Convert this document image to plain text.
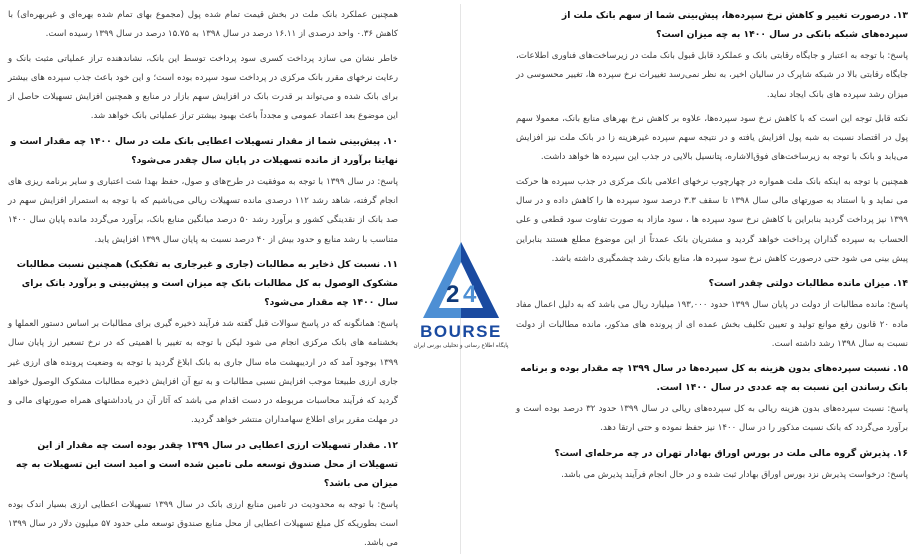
۱۳. درصورت تغییر و کاهش نرخ سپرده‌ها، پیش‌بینی شما از سهم بانک ملت از سپرده‌های شبکه بانکی در سال ۱۴۰۰ به چه میزان است؟

پاسخ: با توجه به اعتبار و جایگاه رقابتی بانک و عملکرد قابل قبول بانک ملت در زیرساخت‌های فناوری اطلاعات، جایگاه رقابتی بالا در شبکه شاپرک در سالیان اخیر، به نظر نمی‌رسد تغییرات نرخ سپرده ها، تغییر محسوسی در میزان رشد سپرده های بانک ایجاد نماید.

نکته قابل توجه این است که با کاهش نرخ سود سپرده‌ها، علاوه بر کاهش نرخ بهرهای منابع بانک، معمولا سهم پول در اقتصاد نسبت به شبه پول افزایش یافته و در نتیجه سهم سپرده غیرهزینه زا در بانک ملت نیز افزایش می‌یابد و بانک با توجه به زیرساخت‌های فوق‌الاشاره، پتانسیل بالایی در جذب این سپرده ها خواهد داشت.

همچنین با توجه به اینکه بانک ملت همواره در چهارچوب نرخهای اعلامی بانک مرکزی در جذب سپرده ها حرکت می نماید و با استناد به صورتهای مالی سال ۱۳۹۸ تا سقف ۳.۳ درصد سود سپرده ها را کاهش داده و در سال ۱۳۹۹ نیز پرداخت گردید بنابراین با کاهش نرخ سود سپرده ها ، سود مازاد به صورت تفاوت سود قطعی و علی الحساب به سپرده گذاران پرداخت خواهد گردید و مشتریان بانک عمدتاً از این موضوع مطلع هستند بنابراین پیش بینی می شود حتی درصورت کاهش نرخ سود سپرده ها، منابع بانک رشد چشمگیری داشته باشد.

۱۴. میزان مانده مطالبات دولتی چقدر است؟

پاسخ: مانده مطالبات از دولت در پایان سال ۱۳۹۹ حدود ۱۹۳,۰۰۰ میلیارد ریال می باشد که به دلیل اعمال مفاد ماده ۲۰ قانون رفع موانع تولید و تعیین تکلیف بخش عمده ای از پرونده های مذکور، مانده مطالبات از دولت نسبت به سال ۱۳۹۸ رشد داشته است.

۱۵. نسبت سپرده‌های بدون هزینه به کل سپرده‌ها در سال ۱۳۹۹ چه مقدار بوده و برنامه بانک رساندن این نسبت به چه عددی در سال ۱۴۰۰ است.

پاسخ: نسبت سپرده‌های بدون هزینه ریالی به کل سپرده‌های ریالی در سال ۱۳۹۹ حدود ۳۲ درصد بوده است و برآورد می‌گردد که بانک نسبت مذکور را در سال ۱۴۰۰ نیز حفظ نموده و حتی ارتقا دهد.

۱۶. پذیرش گروه مالی ملت در بورس اوراق بهادار تهران در چه مرحله‌ای است؟

پاسخ: درخواست پذیرش نزد بورس اوراق بهادار ثبت شده و در حال انجام فرآیند پذیرش می باشد.

همچنین عملکرد بانک ملت در بخش قیمت تمام شده پول (مجموع بهای تمام شده بهره‌ای و غیربهره‌ای) با کاهش ۰.۳۶ واحد درصدی از ۱۶.۱۱ درصد در سال ۱۳۹۸ به ۱۵.۷۵ درصد در سال ۱۳۹۹ رسیده است.

خاطر نشان می سازد پرداخت کسری سود پرداخت توسط این بانک، نشاندهنده تراز عملیاتی مثبت بانک و رعایت نرخهای مقرر بانک مرکزی در پرداخت سود سپرده بوده است؛ و این خود باعث جذب سپرده های بیشتر برای بانک شده و می‌تواند بر قدرت بانک در افزایش سهم بازار در منابع و همچنین افزایش تسهیلات حاصل از این موضوع بعد اعتماد عمومی و مجدداً باعث بهبود بیشتر تراز عملیاتی بانک خواهد شد.

۱۰. پیش‌بینی شما از مقدار تسهیلات اعطایی بانک ملت در سال ۱۴۰۰ چه مقدار است و نهایتا برآورد از مانده تسهیلات در پایان سال چقدر می‌شود؟

پاسخ: در سال ۱۳۹۹ با توجه به موفقیت در طرح‌های و صول، حفظ بهدا شت اعتباری و سایر برنامه ریزی های انجام گرفته، شاهد رشد ۱۱۲ درصدی مانده تسهیلات ریالی می‌باشیم که با توجه به استمرار افزایش سهم در صد بانک از نقدینگی کشور و برآورد رشد ۵۰ درصد میانگین منابع بانک، برآورد می‌گردد مانده پایان سال ۱۴۰۰ متناسب با رشد منابع و حدود بیش از ۴۰ درصد نسبت به پایان سال ۱۳۹۹ افزایش یابد.

۱۱. نسبت کل ذخایر به مطالبات (جاری و غیرجاری به تفکیک) همچنین نسبت مطالبات مشکوک الوصول به کل مطالبات بانک چه میزان است و پیش‌بینی و برآورد بانک برای سال ۱۴۰۰ چه مقدار می‌شود؟

پاسخ: همانگونه که در پاسخ سوالات قبل گفته شد فرآیند ذخیره گیری برای مطالبات بر اساس دستور العملها و بخشنامه های بانک مرکزی انجام می شود لیکن با توجه به تغییر با اهمیتی که در نرخ تسعیر ارز پایان سال ۱۳۹۹ بوجود آمد که در اردیبهشت ماه سال جاری به بانک ابلاغ گردید با توجه به وضعیت پرونده های ارزی غیر جاری ارزی طبیعتا موجب افزایش نسبی مطالبات و به تبع آن افزایش ذخیره مطالبات مشکوک الوصول خواهد گردید که فرآیند محاسبات مربوطه در دست اقدام می باشد که آثار آن در یادداشتهای همراه صورتهای مالی و در مهلت مقرر برای اطلاع سهامداران منتشر خواهد گردید.

۱۲. مقدار تسهیلات ارزی اعطایی در سال ۱۳۹۹ چقدر بوده است چه مقدار از این تسهیلات از محل صندوق توسعه ملی تامین شده است و امید است این تسهیلات به چه میزان می باشد؟

پاسخ: با توجه به محدودیت در تامین منابع ارزی بانک در سال ۱۳۹۹ تسهیلات اعطایی ارزی بسیار اندک بوده است بطوریکه کل مبلغ تسهیلات اعطایی از محل منابع صندوق توسعه ملی حدود ۵۷ میلیون دلار در سال ۱۳۹۹ می باشد.

2 4
BOURSE
پایگاه اطلاع رسانی و تحلیلی بورس ایران
